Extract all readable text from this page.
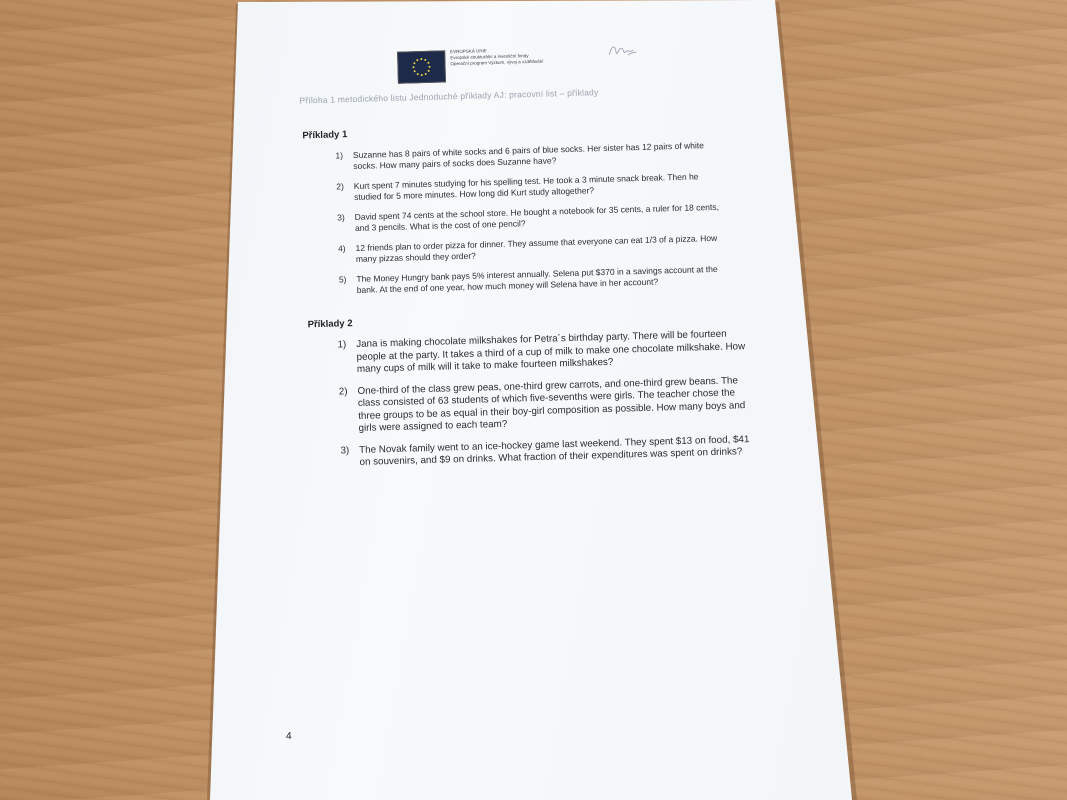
EVROPSKÁ UNIE
Evropské strukturální a investiční fondy
Operační program Výzkum, vývoj a vzdělávání
Příloha 1 metodického listu Jednoduché příklady AJ: pracovní list – příklady
Příklady 1
1)	Suzanne has 8 pairs of white socks and 6 pairs of blue socks. Her sister has 12 pairs of white socks. How many pairs of socks does Suzanne have?
2)	Kurt spent 7 minutes studying for his spelling test. He took a 3 minute snack break. Then he studied for 5 more minutes. How long did Kurt study altogether?
3)	David spent 74 cents at the school store. He bought a notebook for 35 cents, a ruler for 18 cents, and 3 pencils. What is the cost of one pencil?
4)	12 friends plan to order pizza for dinner. They assume that everyone can eat 1/3 of a pizza. How many pizzas should they order?
5)	The Money Hungry bank pays 5% interest annually. Selena put $370 in a savings account at the bank. At the end of one year, how much money will Selena have in her account?
Příklady 2
1) Jana is making chocolate milkshakes for Petra´s birthday party. There will be fourteen people at the party. It takes a third of a cup of milk to make one chocolate milkshake. How many cups of milk will it take to make fourteen milkshakes?
2) One-third of the class grew peas, one-third grew carrots, and one-third grew beans. The class consisted of 63 students of which five-sevenths were girls. The teacher chose the three groups to be as equal in their boy-girl composition as possible. How many boys and girls were assigned to each team?
3) The Novak family went to an ice-hockey game last weekend. They spent $13 on food, $41 on souvenirs, and $9 on drinks. What fraction of their expenditures was spent on drinks?
4
